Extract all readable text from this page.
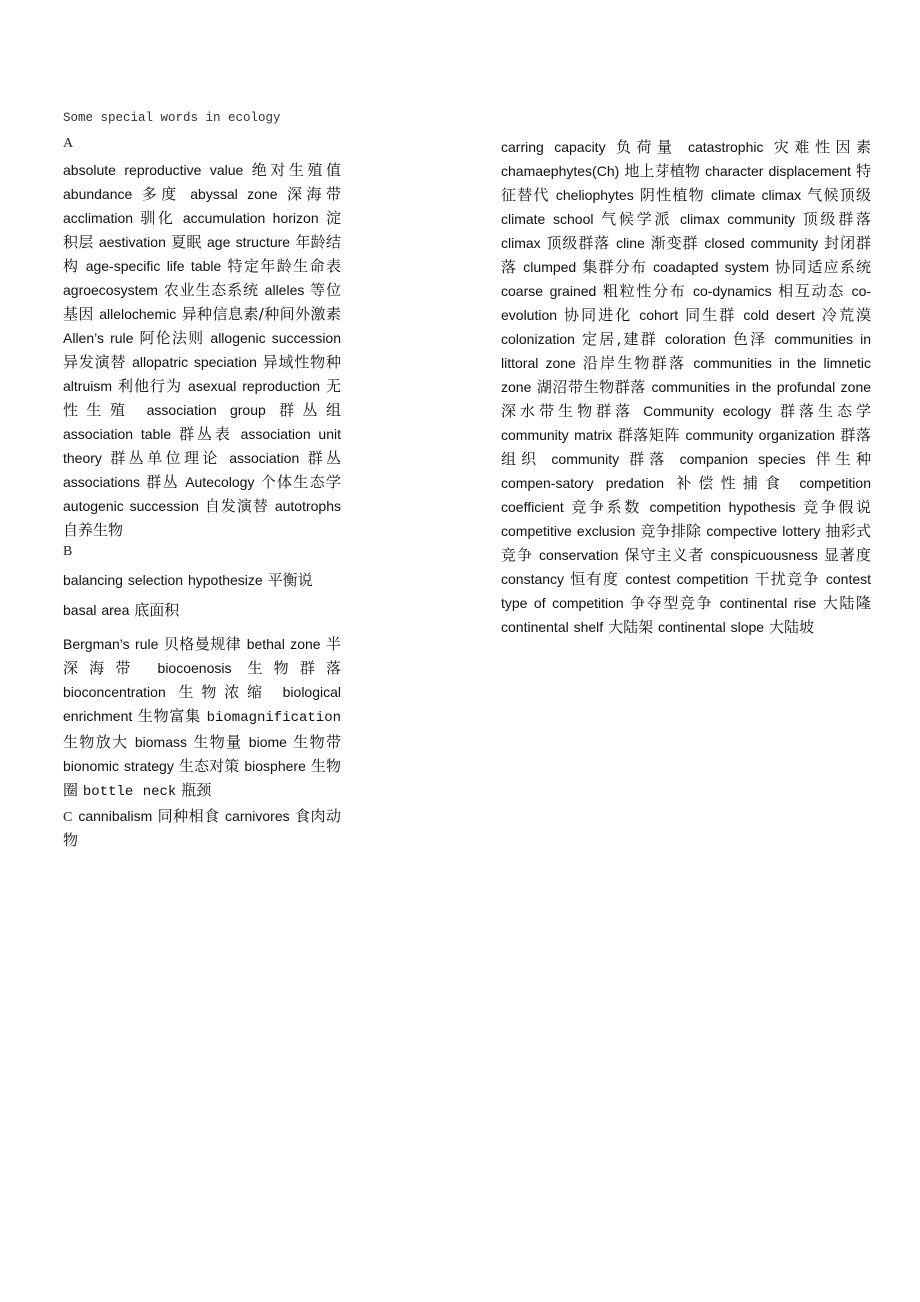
Some special words in ecology
A

absolute reproductive value 绝对生殖值 abundance 多度 abyssal zone 深海带 acclimation 驯化 accumulation horizon 淀积层 aestivation 夏眠 age structure 年龄结构 age-specific life table 特定年龄生命表 agroecosystem 农业生态系统 alleles 等位基因 allelochemic 异种信息素/种间外激素 Allen’s rule 阿伦法则 allogenic succession 异发演替 allopatric speciation 异域性物种 altruism 利他行为 asexual reproduction 无性生殖 association group 群丛组 association table 群丛表 association unit theory 群丛单位理论 association 群丛 associations 群丛 Autecology 个体生态学 autogenic succession 自发演替 autotrophs 自养生物

B

balancing selection hypothesize 平衡说

basal area 底面积

Bergman’s rule 贝格曼规律 bethal zone 半深海带 biocoenosis 生物群落 bioconcentration 生物浓缩 biological enrichment 生物富集 biomagnification 生物放大 biomass 生物量 biome 生物带 bionomic strategy 生态对策 biosphere 生物圈 bottle neck 瓶颈

C cannibalism 同种相食 carnivores 食肉动物

carring capacity 负荷量 catastrophic 灾难性因素 chamaephytes(Ch) 地上芽植物 character displacement 特征替代 cheliophytes 阴性植物 climate climax 气候顶级 climate school 气候学派 climax community 顶级群落 climax 顶级群落 cline 渐变群 closed community 封闭群落 clumped 集群分布 coadapted system 协同适应系统 coarse grained 粗粒性分布 co-dynamics 相互动态 co-evolution 协同进化 cohort 同生群 cold desert 冷荒漠 colonization 定居,建群 coloration 色泽 communities in littoral zone 沿岸生物群落 communities in the limnetic zone 湖沼带生物群落 communities in the profundal zone 深水带生物群落 Community ecology 群落生态学 community matrix 群落矩阵 community organization 群落组织 community 群落 companion species 伴生种 compen-satory predation 补偿性捕食 competition coefficient 竞争系数 competition hypothesis 竞争假说 competitive exclusion 竞争排除 compective lottery 抽彩式竞争 conservation 保守主义者 conspicuousness 显著度 constancy 恒有度 contest competition 干扰竞争 contest type of competition 争夺型竞争 continental rise 大陆隆 continental shelf 大陆架 continental slope 大陆坡
